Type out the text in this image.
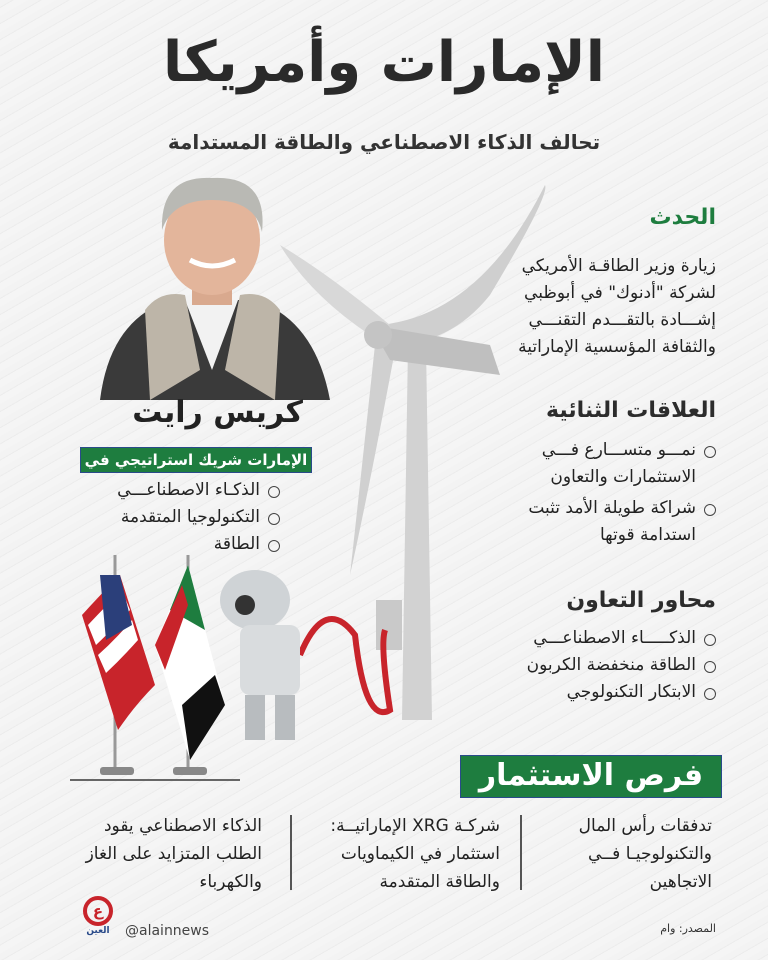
الإمارات وأمريكا
تحالف الذكاء الاصطناعي والطاقة المستدامة
الحدث
زيارة وزير الطاقـة الأمريكي
لشركة "أدنوك" في أبوظبي
إشـــادة بالتقـــدم التقنـــي
والثقافة المؤسسية الإماراتية
العلاقات الثنائية
نمـــو متســـارع فـــي الاستثمارات والتعاون
شراكة طويلة الأمد تثبت استدامة قوتها
محاور التعاون
الذكـــــاء الاصطناعـــي
الطاقة منخفضة الكربون
الابتكار التكنولوجي
كريس رايت
الإمارات شريك استراتيجي في
الذكـاء الاصطناعـــي
التكنولوجيا المتقدمة
الطاقة
فرص الاستثمار
تدفقات رأس المال
والتكنولوجيـا فــي
الاتجاهين
شركـة XRG الإماراتيــة:
استثمار في الكيماويات
والطاقة المتقدمة
الذكاء الاصطناعي يقود
الطلب المتزايد على الغاز
والكهرباء
ع
العين	@alainnews	المصدر: وام
